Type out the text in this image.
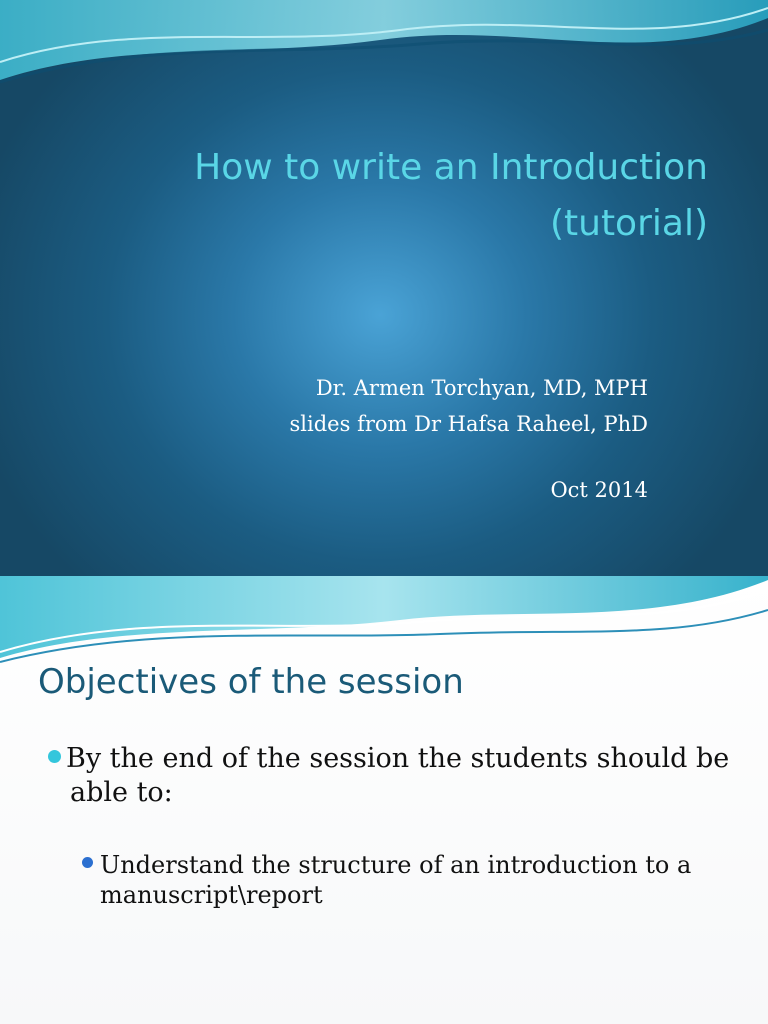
How to write an Introduction
(tutorial)

Dr. Armen Torchyan, MD, MPH

slides from Dr Hafsa Raheel, PhD

Oct 2014

Objectives of the session

By the end of the session the students should be able to:

Understand the structure of an introduction to a manuscript\report
